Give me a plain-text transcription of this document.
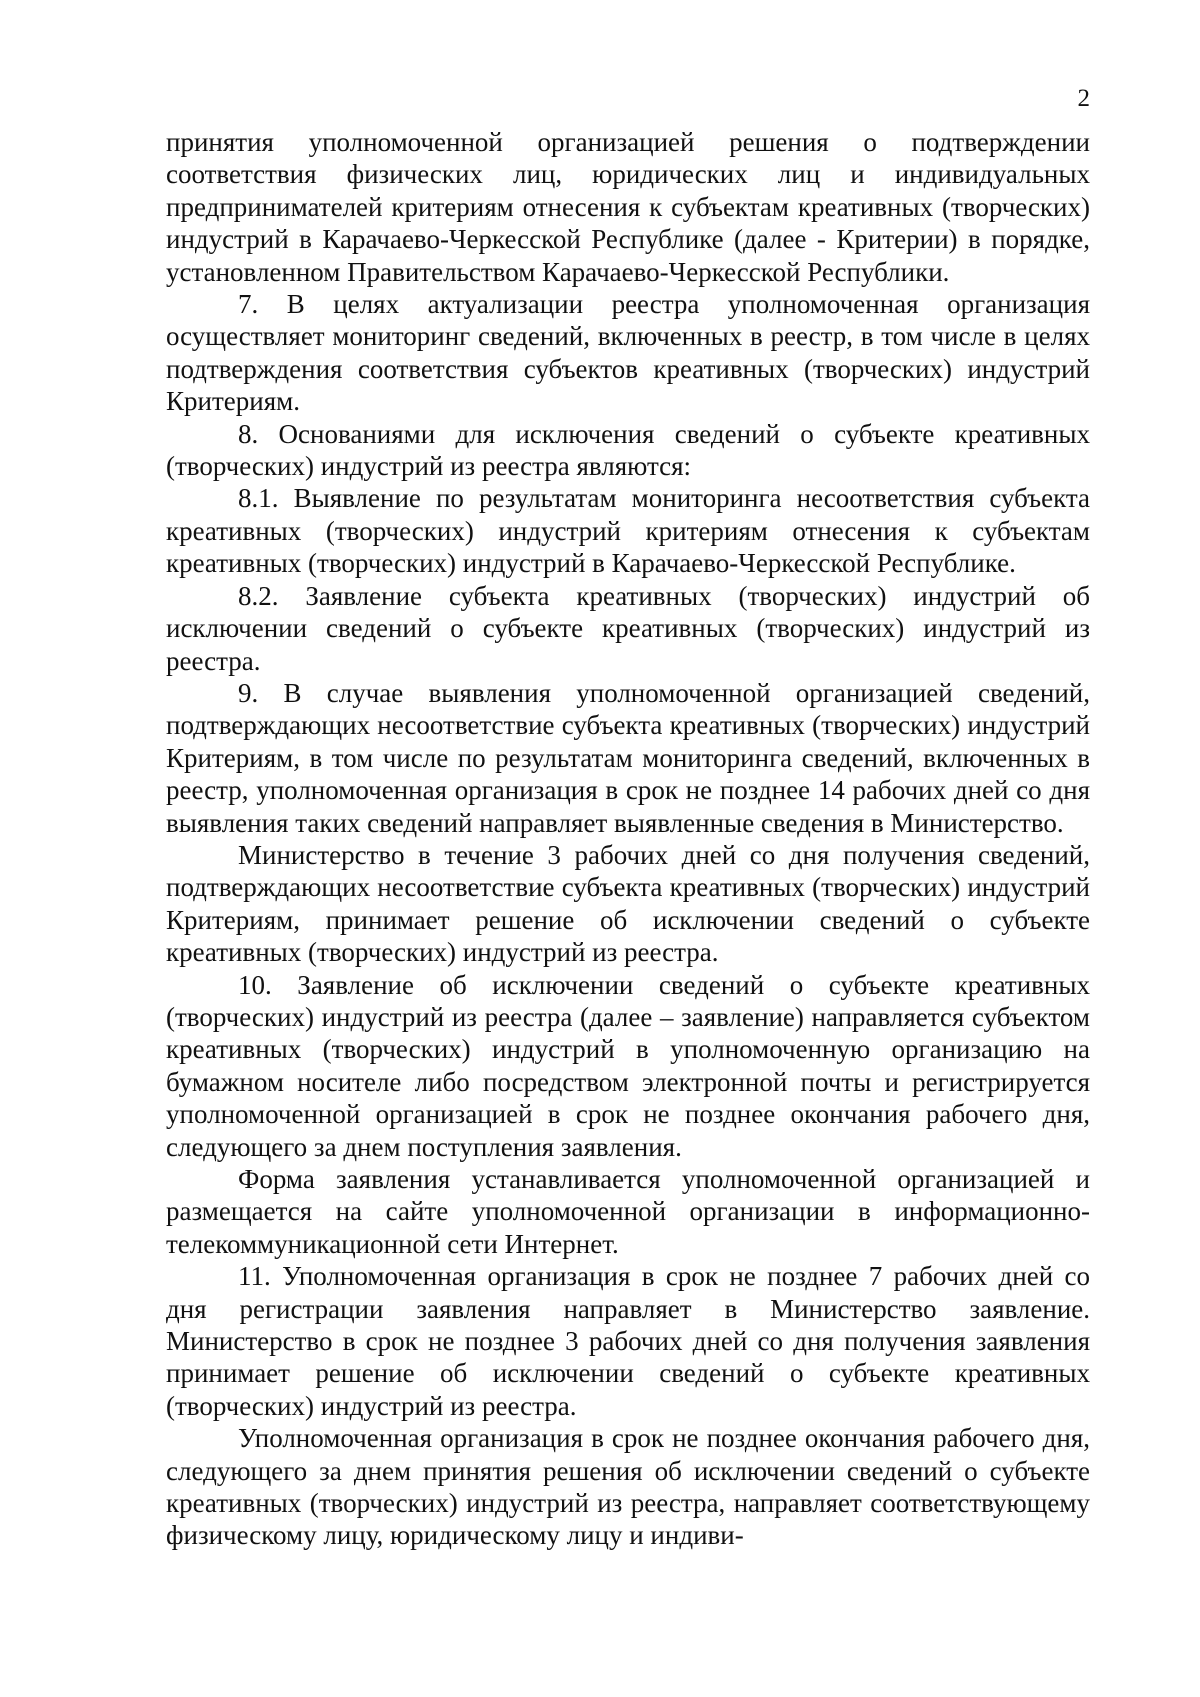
2

принятия уполномоченной организацией решения о подтверждении соответствия физических лиц, юридических лиц и индивидуальных предпринимателей критериям отнесения к субъектам креативных (творческих) индустрий в Карачаево-Черкесской Республике (далее - Критерии) в порядке, установленном Правительством Карачаево-Черкесской Республики.

7. В целях актуализации реестра уполномоченная организация осуществляет мониторинг сведений, включенных в реестр, в том числе в целях подтверждения соответствия субъектов креативных (творческих) индустрий Критериям.

8. Основаниями для исключения сведений о субъекте креативных (творческих) индустрий из реестра являются:

8.1. Выявление по результатам мониторинга несоответствия субъекта креативных (творческих) индустрий критериям отнесения к субъектам креативных (творческих) индустрий в Карачаево-Черкесской Республике.

8.2. Заявление субъекта креативных (творческих) индустрий об исключении сведений о субъекте креативных (творческих) индустрий из реестра.

9. В случае выявления уполномоченной организацией сведений, подтверждающих несоответствие субъекта креативных (творческих) индустрий Критериям, в том числе по результатам мониторинга сведений, включенных в реестр, уполномоченная организация в срок не позднее 14 рабочих дней со дня выявления таких сведений направляет выявленные сведения в Министерство.

Министерство в течение 3 рабочих дней со дня получения сведений, подтверждающих несоответствие субъекта креативных (творческих) индустрий Критериям, принимает решение об исключении сведений о субъекте креативных (творческих) индустрий из реестра.

10. Заявление об исключении сведений о субъекте креативных (творческих) индустрий из реестра (далее – заявление) направляется субъектом креативных (творческих) индустрий в уполномоченную организацию на бумажном носителе либо посредством электронной почты и регистрируется уполномоченной организацией в срок не позднее окончания рабочего дня, следующего за днем поступления заявления.

Форма заявления устанавливается уполномоченной организацией и размещается на сайте уполномоченной организации в информационно-телекоммуникационной сети Интернет.

11. Уполномоченная организация в срок не позднее 7 рабочих дней со дня регистрации заявления направляет в Министерство заявление. Министерство в срок не позднее 3 рабочих дней со дня получения заявления принимает решение об исключении сведений о субъекте креативных (творческих) индустрий из реестра.

Уполномоченная организация в срок не позднее окончания рабочего дня, следующего за днем принятия решения об исключении сведений о субъекте креативных (творческих) индустрий из реестра, направляет соответствующему физическому лицу, юридическому лицу и индиви-
